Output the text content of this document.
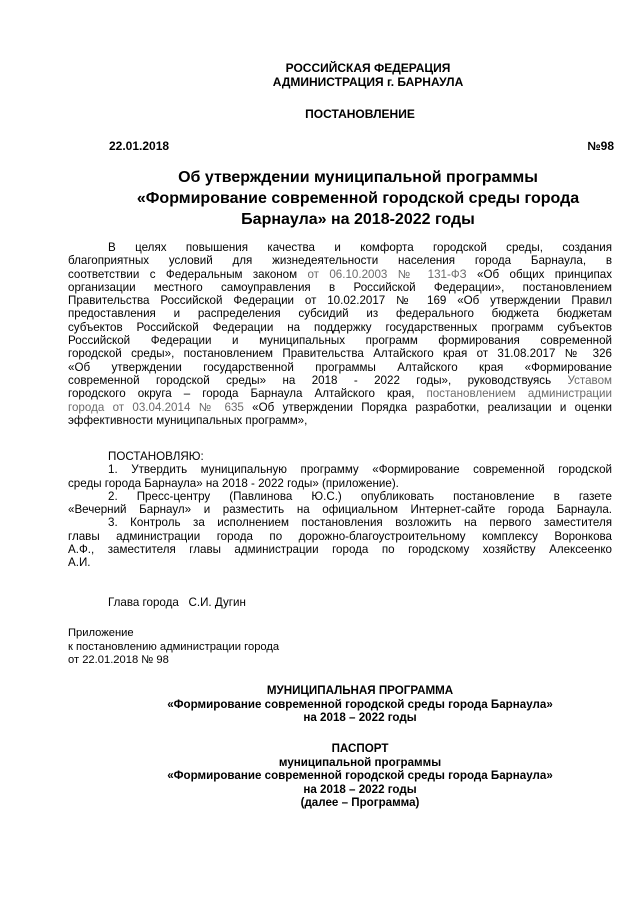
РОССИЙСКАЯ ФЕДЕРАЦИЯ
АДМИНИСТРАЦИЯ г. БАРНАУЛА
ПОСТАНОВЛЕНИЕ
22.01.2018	№98
Об утверждении муниципальной программы
«Формирование современной городской среды города
Барнаула» на 2018-2022 годы
В целях повышения качества и комфорта городской среды, создания
благоприятных условий для жизнедеятельности населения города Барнаула, в
соответствии с Федеральным законом от 06.10.2003 № 131-ФЗ «Об общих принципах
организации местного самоуправления в Российской Федерации», постановлением
Правительства Российской Федерации от 10.02.2017 № 169 «Об утверждении Правил
предоставления и распределения субсидий из федерального бюджета бюджетам
субъектов Российской Федерации на поддержку государственных программ субъектов
Российской Федерации и муниципальных программ формирования современной
городской среды», постановлением Правительства Алтайского края от 31.08.2017 № 326
«Об утверждении государственной программы Алтайского края «Формирование
современной городской среды» на 2018 - 2022 годы», руководствуясь Уставом
городского округа – города Барнаула Алтайского края, постановлением администрации
города от 03.04.2014 № 635 «Об утверждении Порядка разработки, реализации и оценки
эффективности муниципальных программ»,
ПОСТАНОВЛЯЮ:
1. Утвердить муниципальную программу «Формирование современной городской
среды города Барнаула» на 2018 - 2022 годы» (приложение).
2. Пресс-центру (Павлинова Ю.С.) опубликовать постановление в газете
«Вечерний Барнаул» и разместить на официальном Интернет-сайте города Барнаула.
3. Контроль за исполнением постановления возложить на первого заместителя
главы администрации города по дорожно-благоустроительному комплексу Воронкова
А.Ф., заместителя главы администрации города по городскому хозяйству Алексеенко
А.И.
Глава города   С.И. Дугин
Приложение
к постановлению администрации города
от 22.01.2018 № 98
МУНИЦИПАЛЬНАЯ ПРОГРАММА
«Формирование современной городской среды города Барнаула»
на 2018 – 2022 годы
ПАСПОРТ
муниципальной программы
«Формирование современной городской среды города Барнаула»
на 2018 – 2022 годы
(далее – Программа)
